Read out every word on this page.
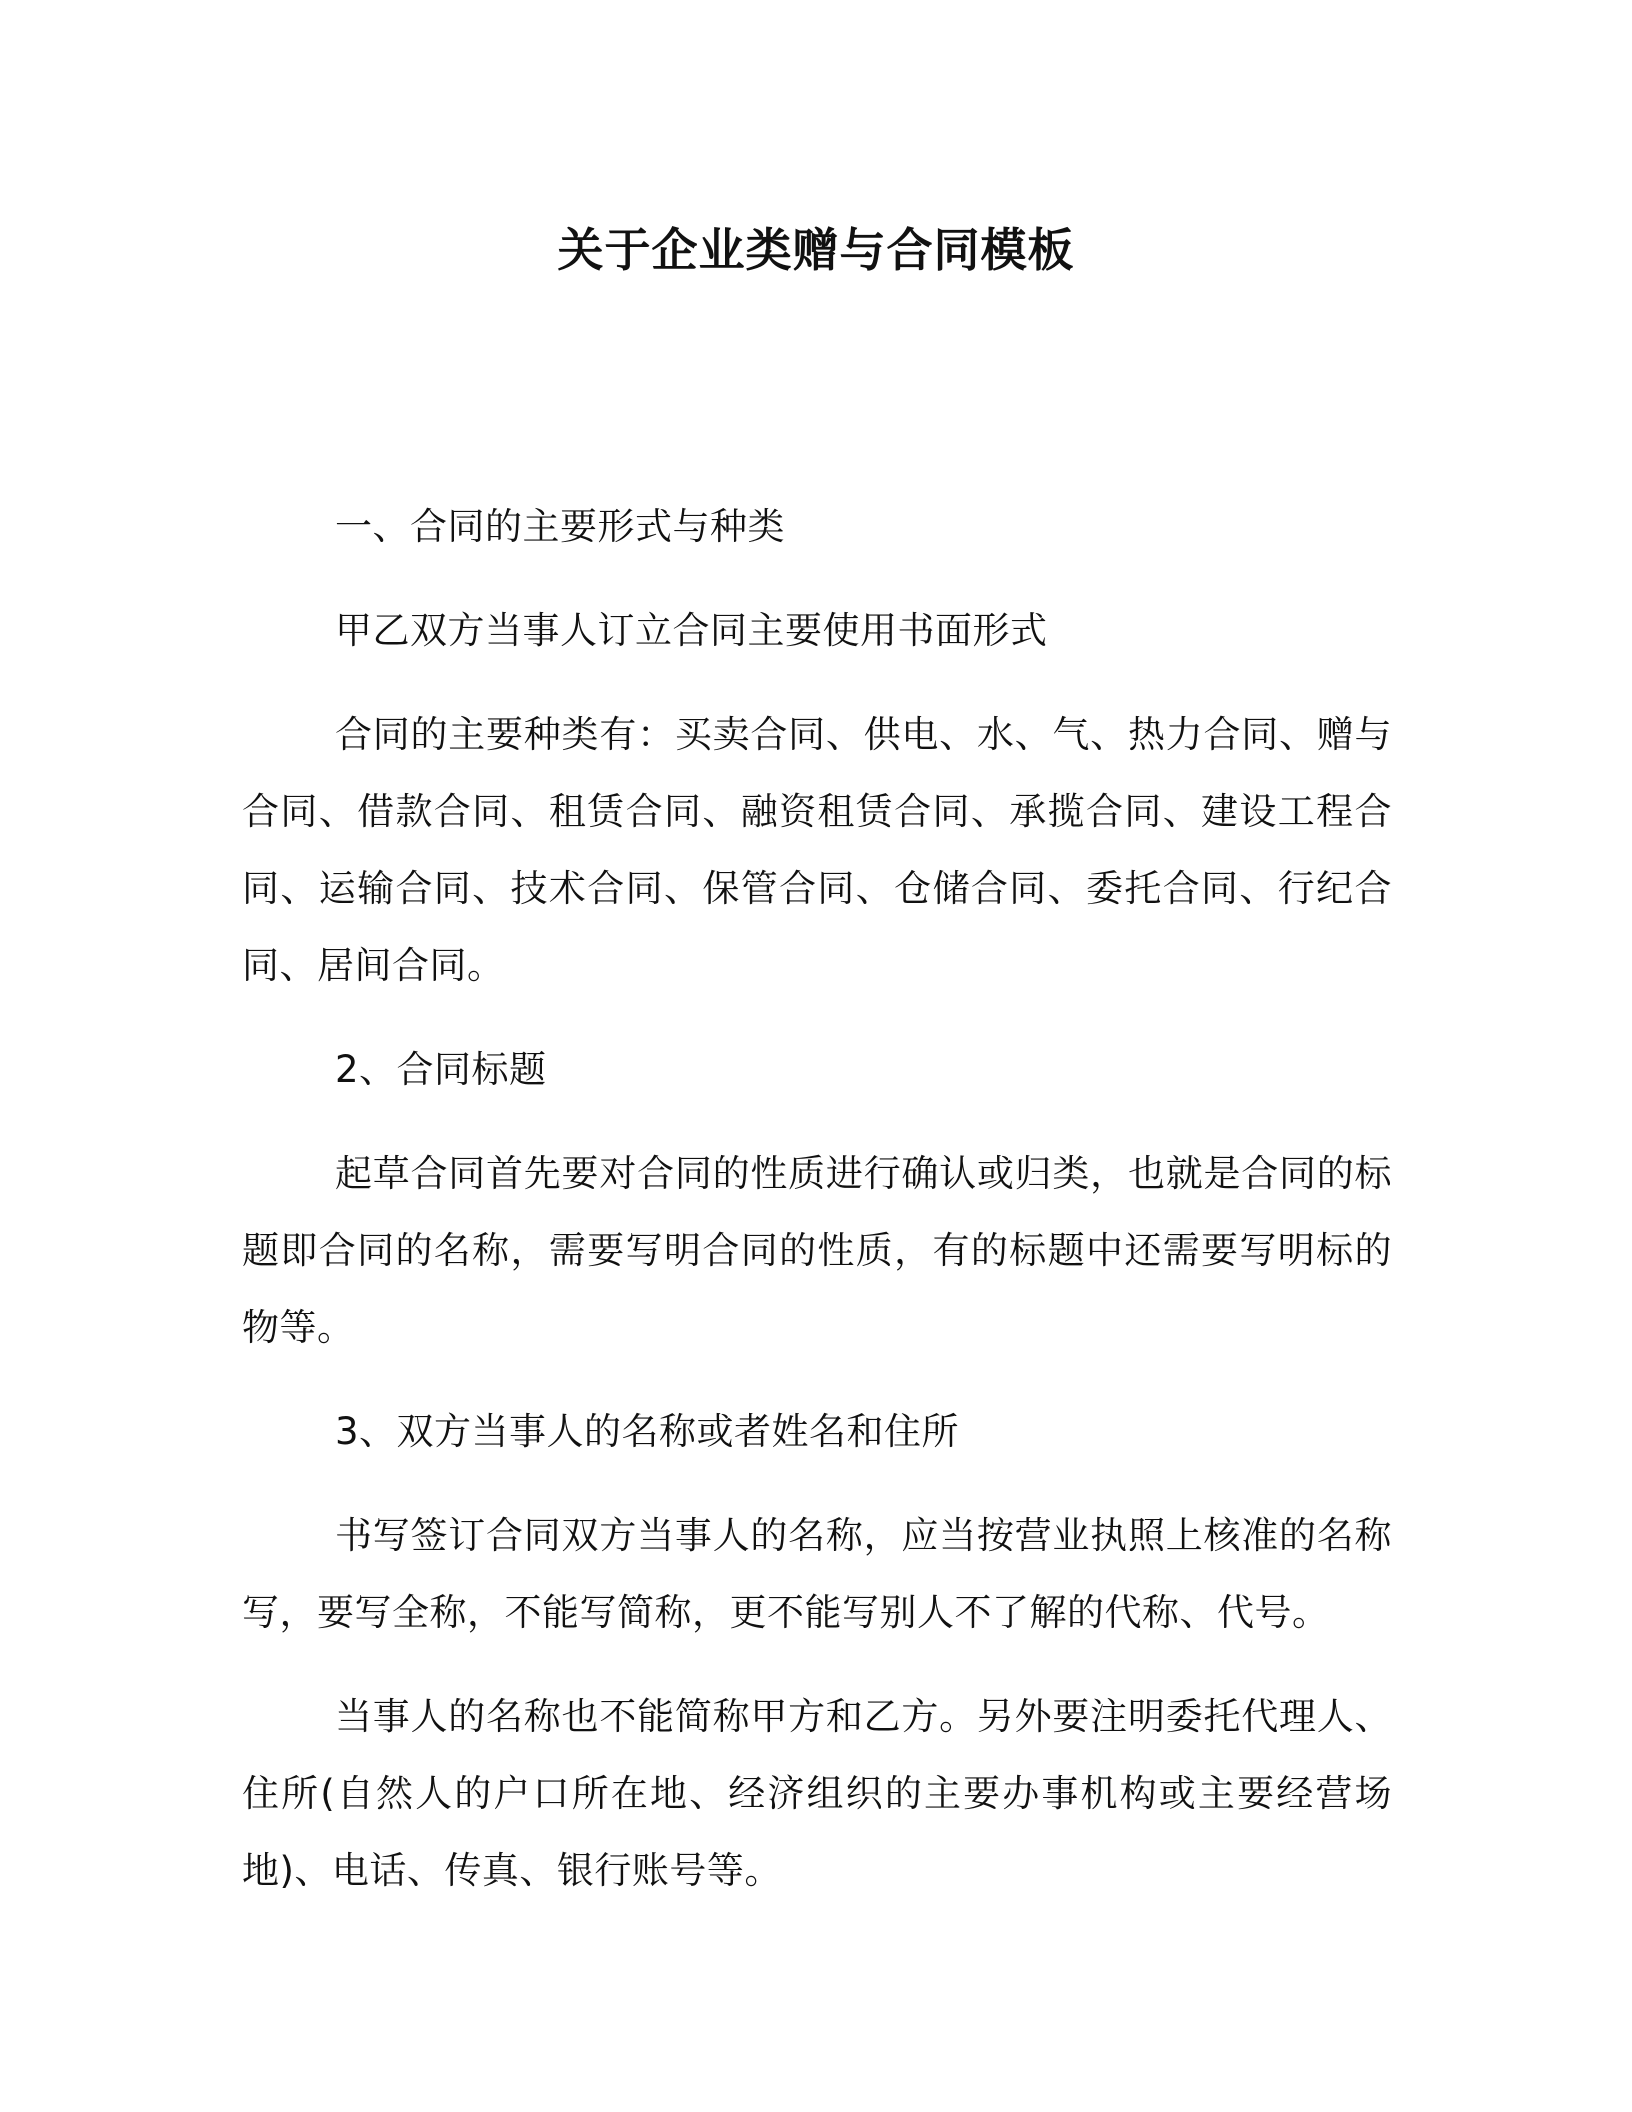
关于企业类赠与合同模板

一、合同的主要形式与种类

甲乙双方当事人订立合同主要使用书面形式

合同的主要种类有：买卖合同、供电、水、气、热力合同、赠与合同、借款合同、租赁合同、融资租赁合同、承揽合同、建设工程合同、运输合同、技术合同、保管合同、仓储合同、委托合同、行纪合同、居间合同。

2、合同标题

起草合同首先要对合同的性质进行确认或归类，也就是合同的标题即合同的名称，需要写明合同的性质，有的标题中还需要写明标的物等。

3、双方当事人的名称或者姓名和住所

书写签订合同双方当事人的名称，应当按营业执照上核准的名称写，要写全称，不能写简称，更不能写别人不了解的代称、代号。

当事人的名称也不能简称甲方和乙方。另外要注明委托代理人、住所(自然人的户口所在地、经济组织的主要办事机构或主要经营场地)、电话、传真、银行账号等。
